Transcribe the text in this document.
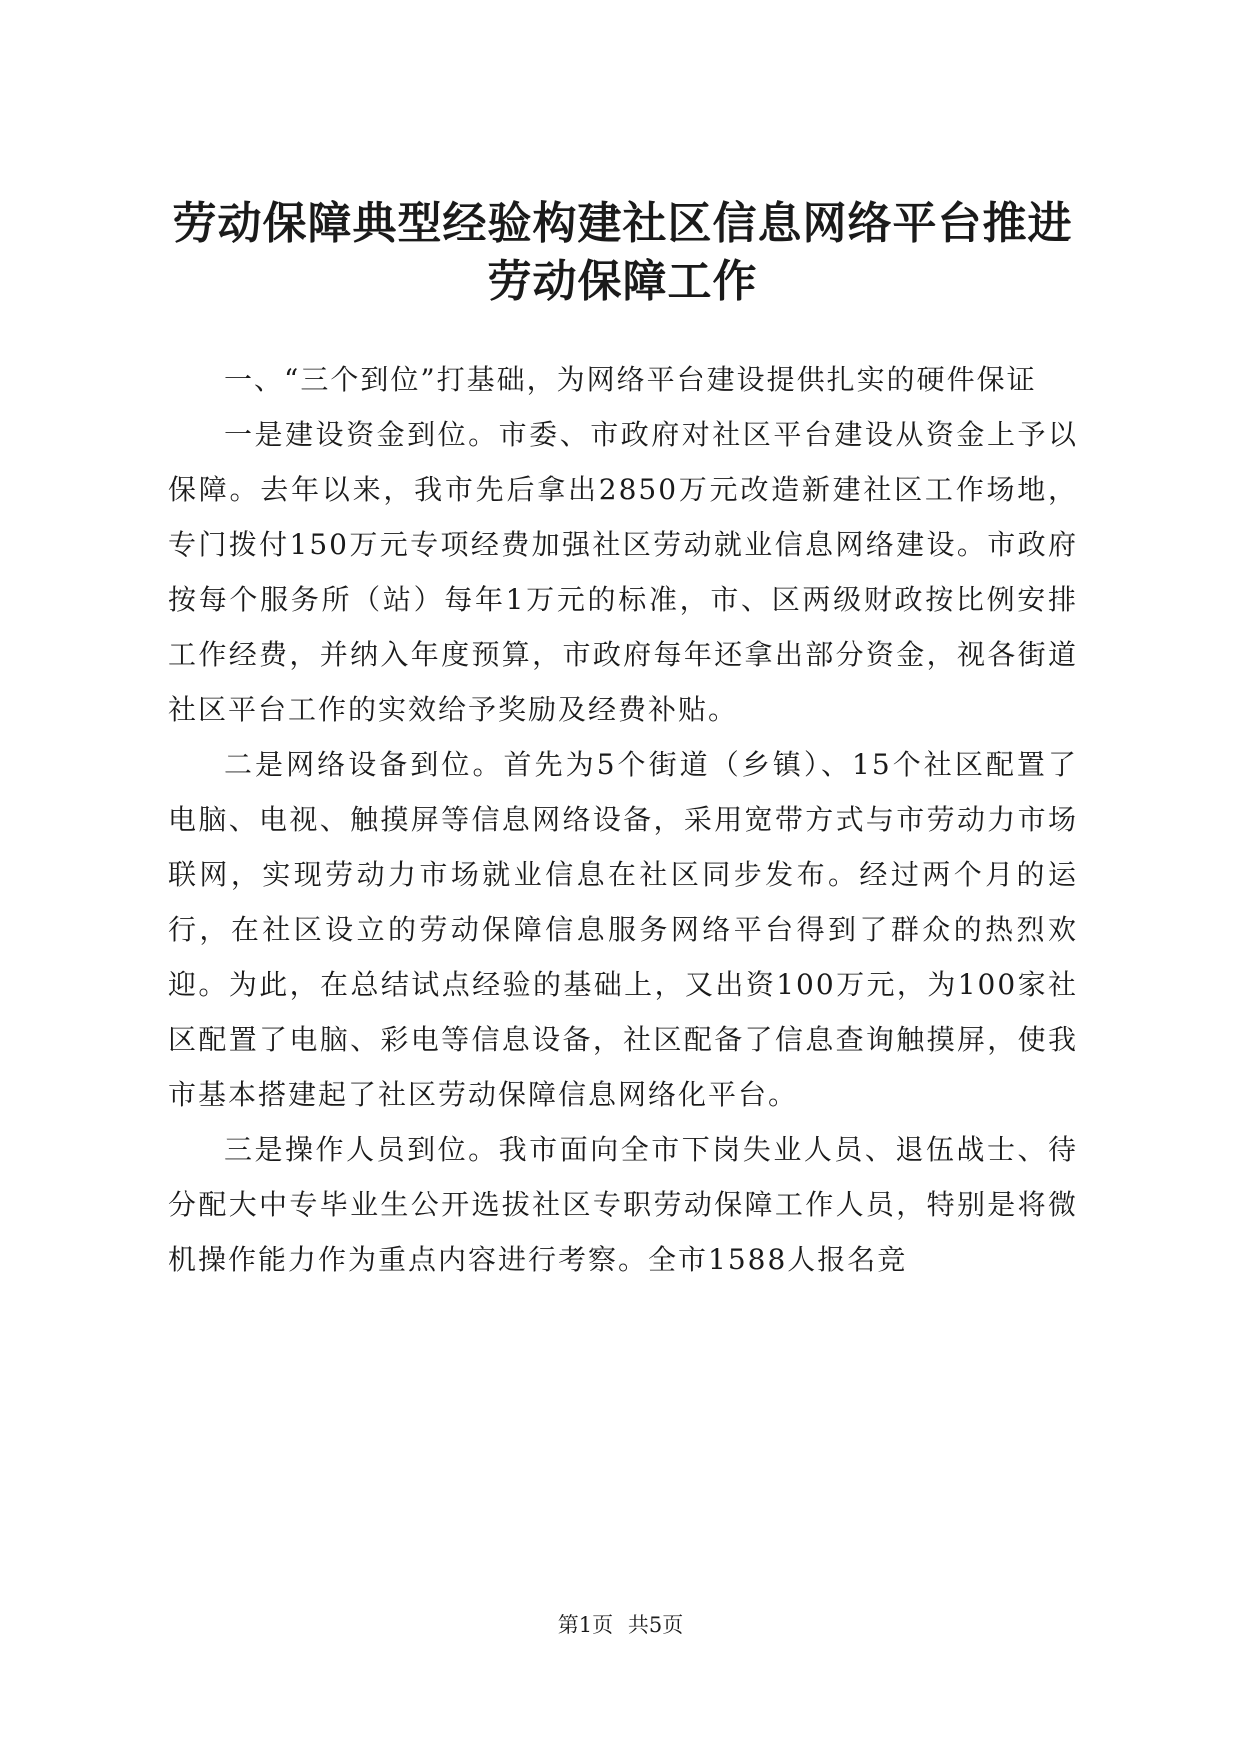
劳动保障典型经验构建社区信息网络平台推进
劳动保障工作

一、“三个到位”打基础，为网络平台建设提供扎实的硬件保证

一是建设资金到位。市委、市政府对社区平台建设从资金上予以保障。去年以来，我市先后拿出2850万元改造新建社区工作场地，专门拨付150万元专项经费加强社区劳动就业信息网络建设。市政府按每个服务所（站）每年1万元的标准，市、区两级财政按比例安排工作经费，并纳入年度预算，市政府每年还拿出部分资金，视各街道社区平台工作的实效给予奖励及经费补贴。

二是网络设备到位。首先为5个街道（乡镇）、15个社区配置了电脑、电视、触摸屏等信息网络设备，采用宽带方式与市劳动力市场联网，实现劳动力市场就业信息在社区同步发布。经过两个月的运行，在社区设立的劳动保障信息服务网络平台得到了群众的热烈欢迎。为此，在总结试点经验的基础上，又出资100万元，为100家社区配置了电脑、彩电等信息设备，社区配备了信息查询触摸屏，使我市基本搭建起了社区劳动保障信息网络化平台。

三是操作人员到位。我市面向全市下岗失业人员、退伍战士、待分配大中专毕业生公开选拔社区专职劳动保障工作人员，特别是将微机操作能力作为重点内容进行考察。全市1588人报名竞

第1页 共5页
